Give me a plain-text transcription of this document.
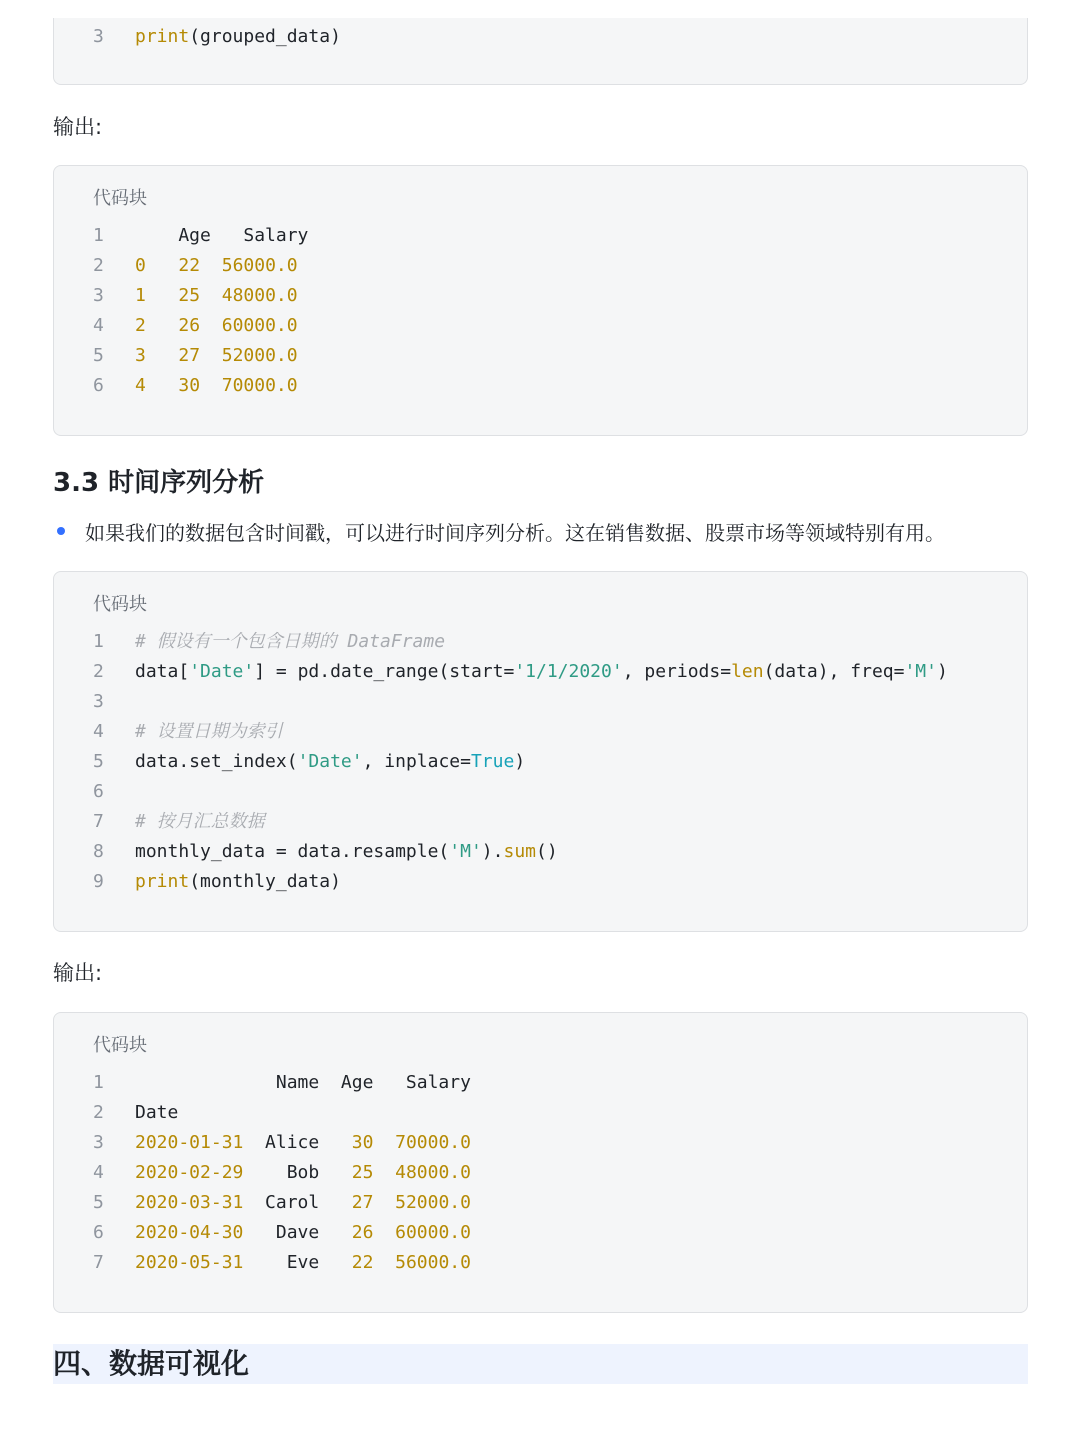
3 print(grouped_data)
输出:
代码块
1    Age   Salary
2 0 22 56000.0
3 1 25 48000.0
4 2 26 60000.0
5 3 27 52000.0
6 4 30 70000.0
3.3 时间序列分析
如果我们的数据包含时间戳，可以进行时间序列分析。这在销售数据、股票市场等领域特别有用。
代码块
1 # 假设有一个包含日期的 DataFrame
2 data['Date'] = pd.date_range(start='1/1/2020', periods=len(data), freq='M')
3
4 # 设置日期为索引
5 data.set_index('Date', inplace=True)
6
7 # 按月汇总数据
8 monthly_data = data.resample('M').sum()
9 print(monthly_data)
输出:
代码块
1             Name  Age   Salary
2 Date
3 2020-01-31  Alice   30 70000.0
4 2020-02-29    Bob   25 48000.0
5 2020-03-31  Carol   27 52000.0
6 2020-04-30   Dave   26 60000.0
7 2020-05-31    Eve   22 56000.0
四、数据可视化
